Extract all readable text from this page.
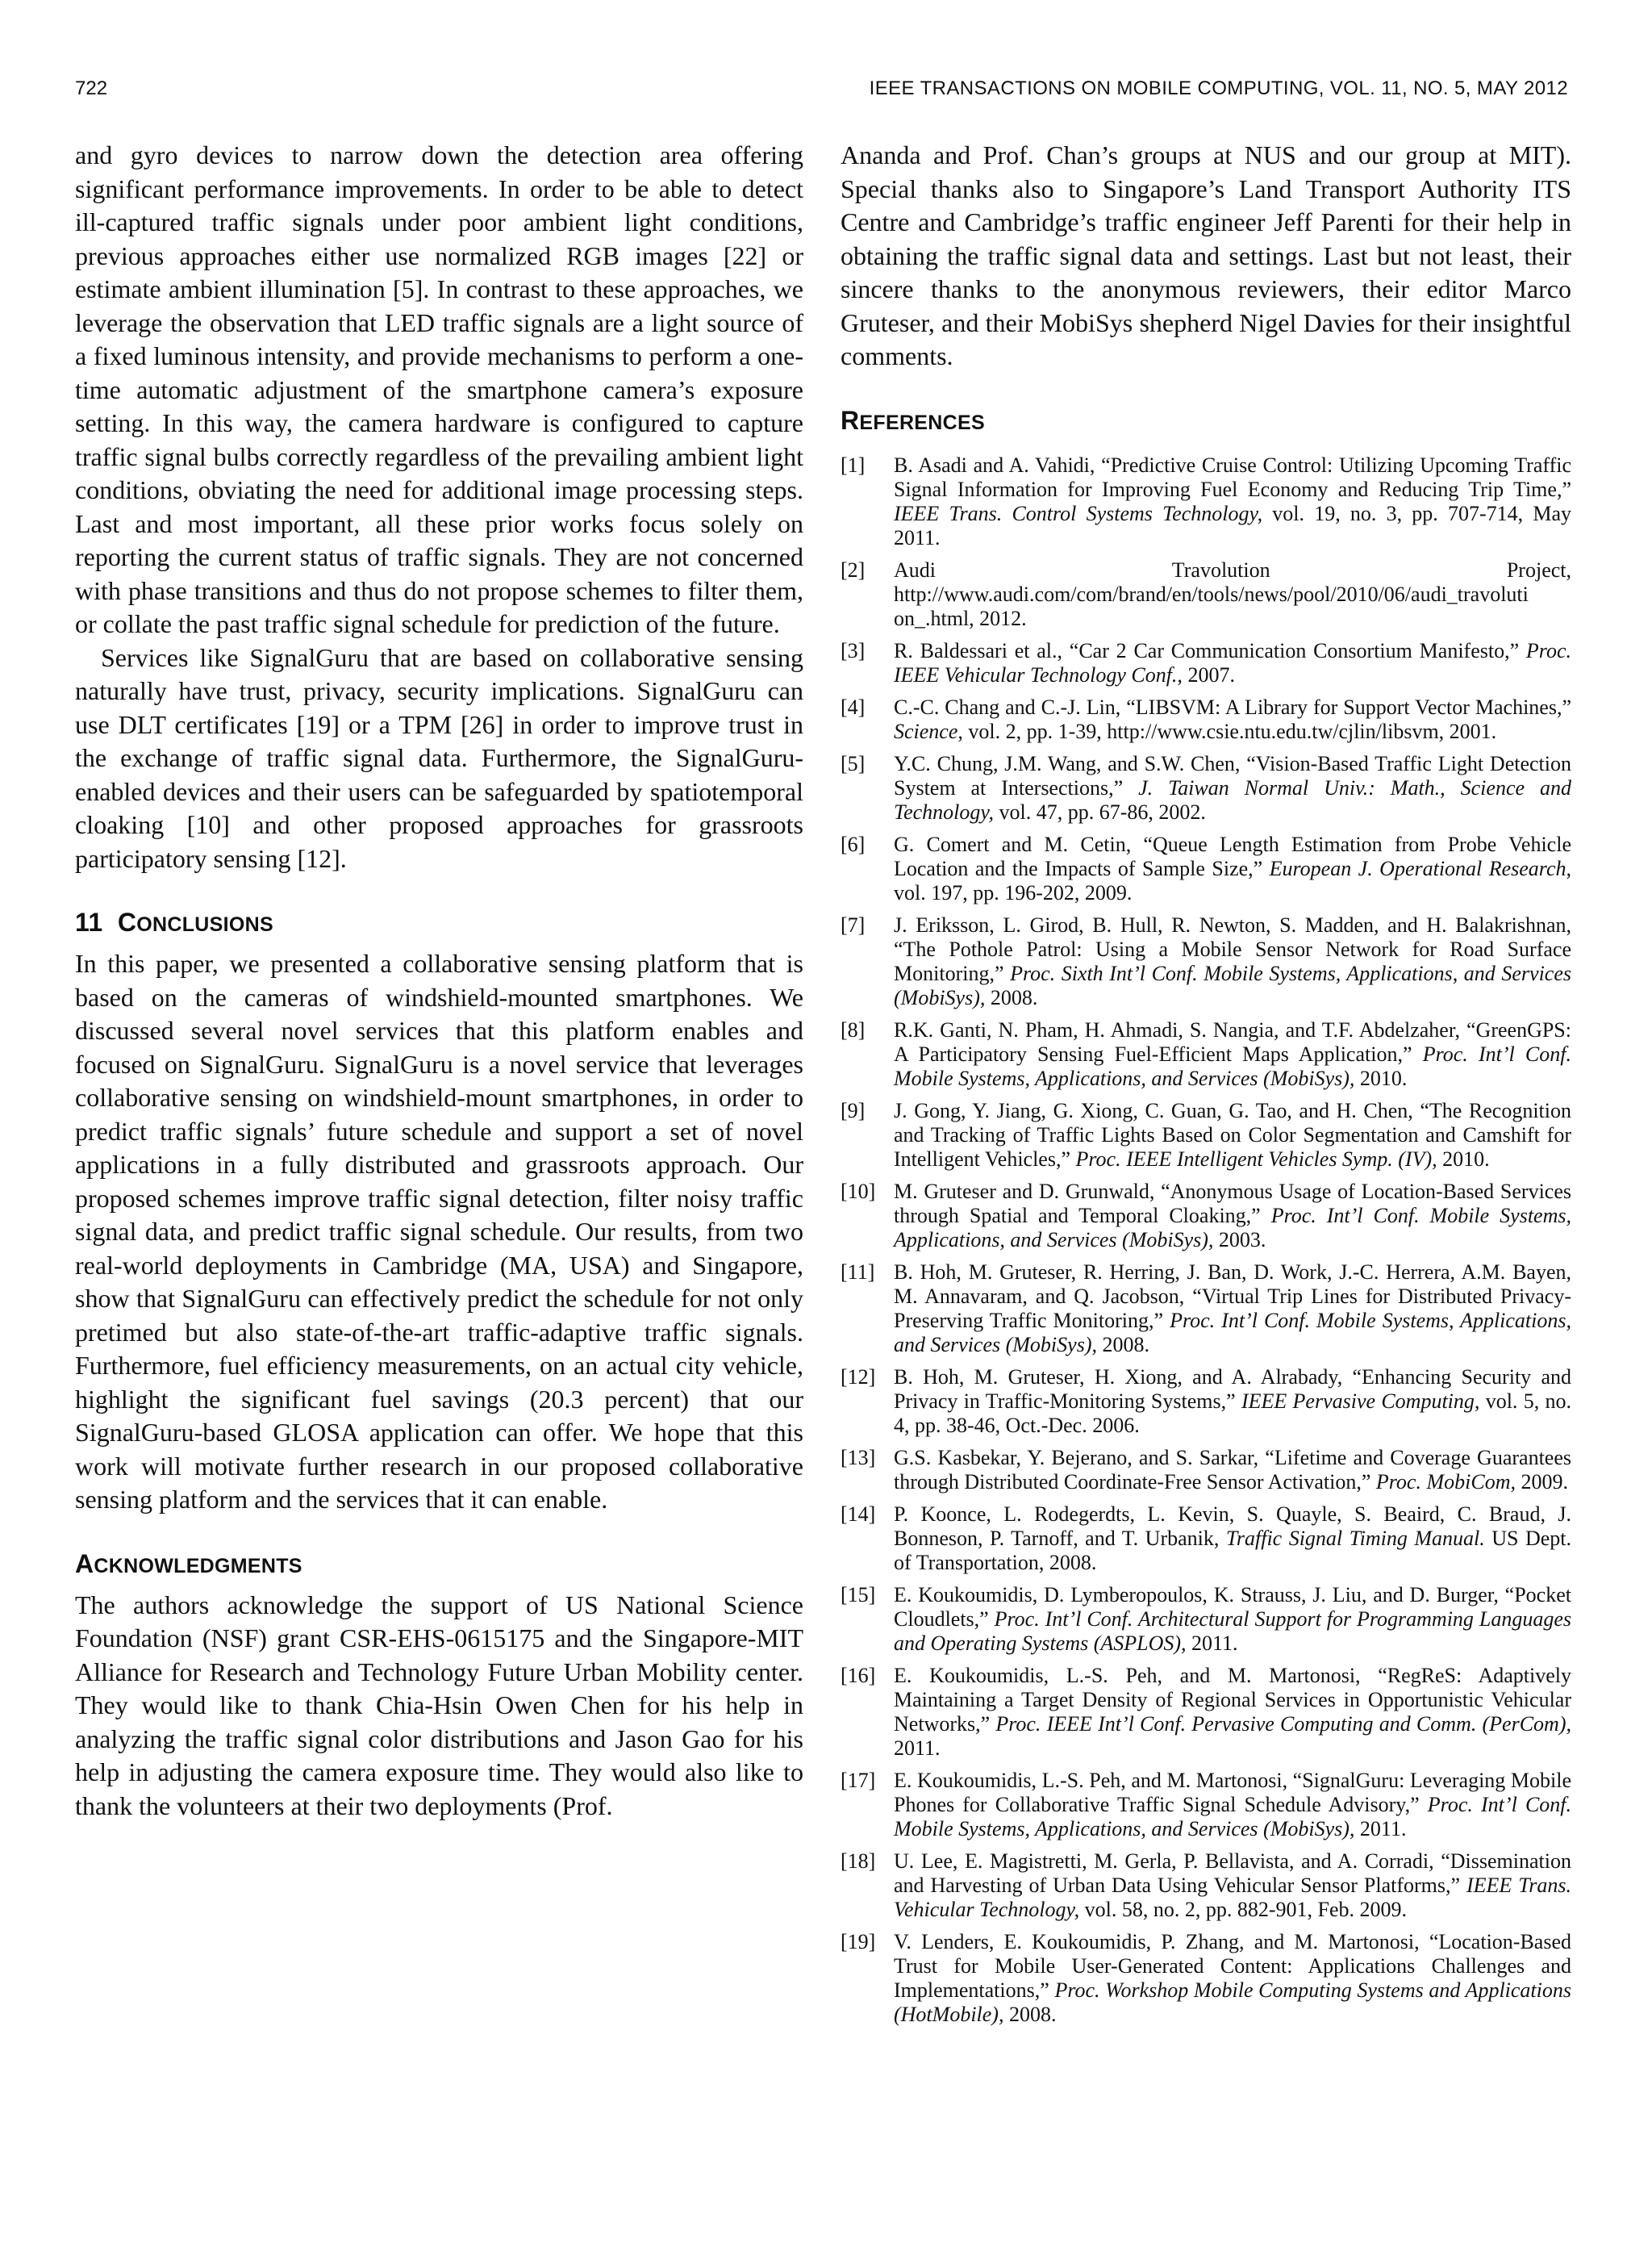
722	IEEE TRANSACTIONS ON MOBILE COMPUTING, VOL. 11, NO. 5, MAY 2012

and gyro devices to narrow down the detection area offering significant performance improvements. In order to be able to detect ill-captured traffic signals under poor ambient light conditions, previous approaches either use normalized RGB images [22] or estimate ambient illumination [5]. In contrast to these approaches, we leverage the observation that LED traffic signals are a light source of a fixed luminous intensity, and provide mechanisms to perform a one-time automatic adjustment of the smartphone camera’s exposure setting. In this way, the camera hardware is configured to capture traffic signal bulbs correctly regardless of the prevailing ambient light conditions, obviating the need for additional image processing steps. Last and most important, all these prior works focus solely on reporting the current status of traffic signals. They are not concerned with phase transitions and thus do not propose schemes to filter them, or collate the past traffic signal schedule for prediction of the future.

Services like SignalGuru that are based on collaborative sensing naturally have trust, privacy, security implications. SignalGuru can use DLT certificates [19] or a TPM [26] in order to improve trust in the exchange of traffic signal data. Furthermore, the SignalGuru-enabled devices and their users can be safeguarded by spatiotemporal cloaking [10] and other proposed approaches for grassroots participatory sensing [12].

11 CONCLUSIONS

In this paper, we presented a collaborative sensing platform that is based on the cameras of windshield-mounted smartphones. We discussed several novel services that this platform enables and focused on SignalGuru. SignalGuru is a novel service that leverages collaborative sensing on windshield-mount smartphones, in order to predict traffic signals’ future schedule and support a set of novel applications in a fully distributed and grassroots approach. Our proposed schemes improve traffic signal detection, filter noisy traffic signal data, and predict traffic signal schedule. Our results, from two real-world deployments in Cambridge (MA, USA) and Singapore, show that SignalGuru can effectively predict the schedule for not only pretimed but also state-of-the-art traffic-adaptive traffic signals. Furthermore, fuel efficiency measurements, on an actual city vehicle, highlight the significant fuel savings (20.3 percent) that our SignalGuru-based GLOSA application can offer. We hope that this work will motivate further research in our proposed collaborative sensing platform and the services that it can enable.

ACKNOWLEDGMENTS

The authors acknowledge the support of US National Science Foundation (NSF) grant CSR-EHS-0615175 and the Singapore-MIT Alliance for Research and Technology Future Urban Mobility center. They would like to thank Chia-Hsin Owen Chen for his help in analyzing the traffic signal color distributions and Jason Gao for his help in adjusting the camera exposure time. They would also like to thank the volunteers at their two deployments (Prof.

Ananda and Prof. Chan’s groups at NUS and our group at MIT). Special thanks also to Singapore’s Land Transport Authority ITS Centre and Cambridge’s traffic engineer Jeff Parenti for their help in obtaining the traffic signal data and settings. Last but not least, their sincere thanks to the anonymous reviewers, their editor Marco Gruteser, and their MobiSys shepherd Nigel Davies for their insightful comments.

REFERENCES
[1]	B. Asadi and A. Vahidi, “Predictive Cruise Control: Utilizing Upcoming Traffic Signal Information for Improving Fuel Economy and Reducing Trip Time,” IEEE Trans. Control Systems Technology, vol. 19, no. 3, pp. 707-714, May 2011.
[2]	Audi Travolution Project, http://www.audi.com/com/brand/en/tools/news/pool/2010/06/audi_travoluti on_.html, 2012.
[3]	R. Baldessari et al., “Car 2 Car Communication Consortium Manifesto,” Proc. IEEE Vehicular Technology Conf., 2007.
[4]	C.-C. Chang and C.-J. Lin, “LIBSVM: A Library for Support Vector Machines,” Science, vol. 2, pp. 1-39, http://www.csie.ntu.edu.tw/cjlin/libsvm, 2001.
[5]	Y.C. Chung, J.M. Wang, and S.W. Chen, “Vision-Based Traffic Light Detection System at Intersections,” J. Taiwan Normal Univ.: Math., Science and Technology, vol. 47, pp. 67-86, 2002.
[6]	G. Comert and M. Cetin, “Queue Length Estimation from Probe Vehicle Location and the Impacts of Sample Size,” European J. Operational Research, vol. 197, pp. 196-202, 2009.
[7]	J. Eriksson, L. Girod, B. Hull, R. Newton, S. Madden, and H. Balakrishnan, “The Pothole Patrol: Using a Mobile Sensor Network for Road Surface Monitoring,” Proc. Sixth Int’l Conf. Mobile Systems, Applications, and Services (MobiSys), 2008.
[8]	R.K. Ganti, N. Pham, H. Ahmadi, S. Nangia, and T.F. Abdelzaher, “GreenGPS: A Participatory Sensing Fuel-Efficient Maps Application,” Proc. Int’l Conf. Mobile Systems, Applications, and Services (MobiSys), 2010.
[9]	J. Gong, Y. Jiang, G. Xiong, C. Guan, G. Tao, and H. Chen, “The Recognition and Tracking of Traffic Lights Based on Color Segmentation and Camshift for Intelligent Vehicles,” Proc. IEEE Intelligent Vehicles Symp. (IV), 2010.
[10] M. Gruteser and D. Grunwald, “Anonymous Usage of Location-Based Services through Spatial and Temporal Cloaking,” Proc. Int’l Conf. Mobile Systems, Applications, and Services (MobiSys), 2003.
[11] B. Hoh, M. Gruteser, R. Herring, J. Ban, D. Work, J.-C. Herrera, A.M. Bayen, M. Annavaram, and Q. Jacobson, “Virtual Trip Lines for Distributed Privacy-Preserving Traffic Monitoring,” Proc. Int’l Conf. Mobile Systems, Applications, and Services (MobiSys), 2008.
[12] B. Hoh, M. Gruteser, H. Xiong, and A. Alrabady, “Enhancing Security and Privacy in Traffic-Monitoring Systems,” IEEE Pervasive Computing, vol. 5, no. 4, pp. 38-46, Oct.-Dec. 2006.
[13] G.S. Kasbekar, Y. Bejerano, and S. Sarkar, “Lifetime and Coverage Guarantees through Distributed Coordinate-Free Sensor Activation,” Proc. MobiCom, 2009.
[14] P. Koonce, L. Rodegerdts, L. Kevin, S. Quayle, S. Beaird, C. Braud, J. Bonneson, P. Tarnoff, and T. Urbanik, Traffic Signal Timing Manual. US Dept. of Transportation, 2008.
[15] E. Koukoumidis, D. Lymberopoulos, K. Strauss, J. Liu, and D. Burger, “Pocket Cloudlets,” Proc. Int’l Conf. Architectural Support for Programming Languages and Operating Systems (ASPLOS), 2011.
[16] E. Koukoumidis, L.-S. Peh, and M. Martonosi, “RegReS: Adaptively Maintaining a Target Density of Regional Services in Opportunistic Vehicular Networks,” Proc. IEEE Int’l Conf. Pervasive Computing and Comm. (PerCom), 2011.
[17] E. Koukoumidis, L.-S. Peh, and M. Martonosi, “SignalGuru: Leveraging Mobile Phones for Collaborative Traffic Signal Schedule Advisory,” Proc. Int’l Conf. Mobile Systems, Applications, and Services (MobiSys), 2011.
[18] U. Lee, E. Magistretti, M. Gerla, P. Bellavista, and A. Corradi, “Dissemination and Harvesting of Urban Data Using Vehicular Sensor Platforms,” IEEE Trans. Vehicular Technology, vol. 58, no. 2, pp. 882-901, Feb. 2009.
[19] V. Lenders, E. Koukoumidis, P. Zhang, and M. Martonosi, “Location-Based Trust for Mobile User-Generated Content: Applications Challenges and Implementations,” Proc. Workshop Mobile Computing Systems and Applications (HotMobile), 2008.
